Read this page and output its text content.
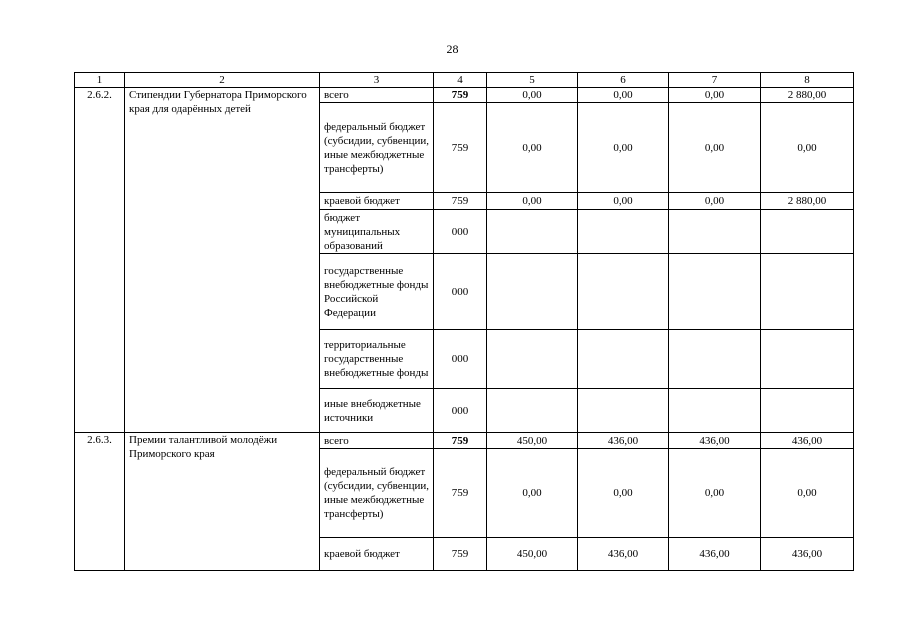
28
1	2	3	4	5	6	7	8
2.6.2.	Стипендии Губернатора Приморского края для одарённых детей	всего	759	0,00	0,00	0,00	2 880,00
		федеральный бюджет (субсидии, субвенции, иные межбюджетные трансферты)	759	0,00	0,00	0,00	0,00
		краевой бюджет	759	0,00	0,00	0,00	2 880,00
		бюджет муниципальных образований	000				
		государственные внебюджетные фонды Российской Федерации	000				
		территориальные государственные внебюджетные фонды	000				
		иные внебюджетные источники	000				
2.6.3.	Премии талантливой молодёжи Приморского края	всего	759	450,00	436,00	436,00	436,00
		федеральный бюджет (субсидии, субвенции, иные межбюджетные трансферты)	759	0,00	0,00	0,00	0,00
		краевой бюджет	759	450,00	436,00	436,00	436,00
